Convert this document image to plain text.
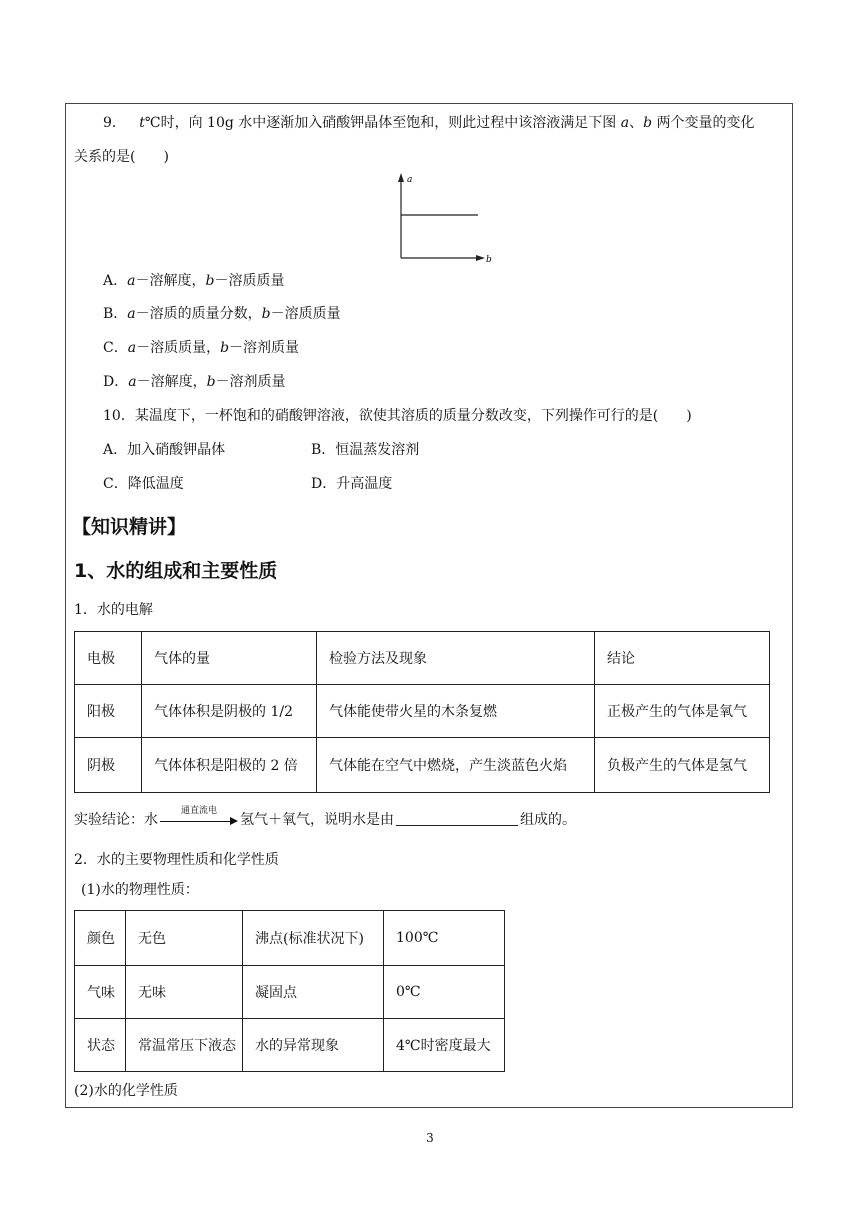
9． t℃时，向 10g 水中逐渐加入硝酸钾晶体至饱和，则此过程中该溶液满足下图 a、b 两个变量的变化
关系的是(　　)
a
b
A．a－溶解度，b－溶质质量
B．a－溶质的质量分数，b－溶质质量
C．a－溶质质量，b－溶剂质量
D．a－溶解度，b－溶剂质量
10．某温度下，一杯饱和的硝酸钾溶液，欲使其溶质的质量分数改变，下列操作可行的是(　　)
A．加入硝酸钾晶体	B．恒温蒸发溶剂
C．降低温度	D．升高温度
【知识精讲】
1、水的组成和主要性质
1．水的电解
电极	气体的量	检验方法及现象	结论
阳极	气体体积是阴极的 1/2	气体能使带火星的木条复燃	正极产生的气体是氧气
阴极	气体体积是阳极的 2 倍	气体能在空气中燃烧，产生淡蓝色火焰	负极产生的气体是氢气
实验结论：水
通直流电
氢气＋氧气，说明水是由	组成的。
2．水的主要物理性质和化学性质
(1)水的物理性质：
颜色	无色	沸点(标准状况下)	100℃
气味	无味	凝固点	0℃
状态	常温常压下液态	水的异常现象	4℃时密度最大
(2)水的化学性质
3
